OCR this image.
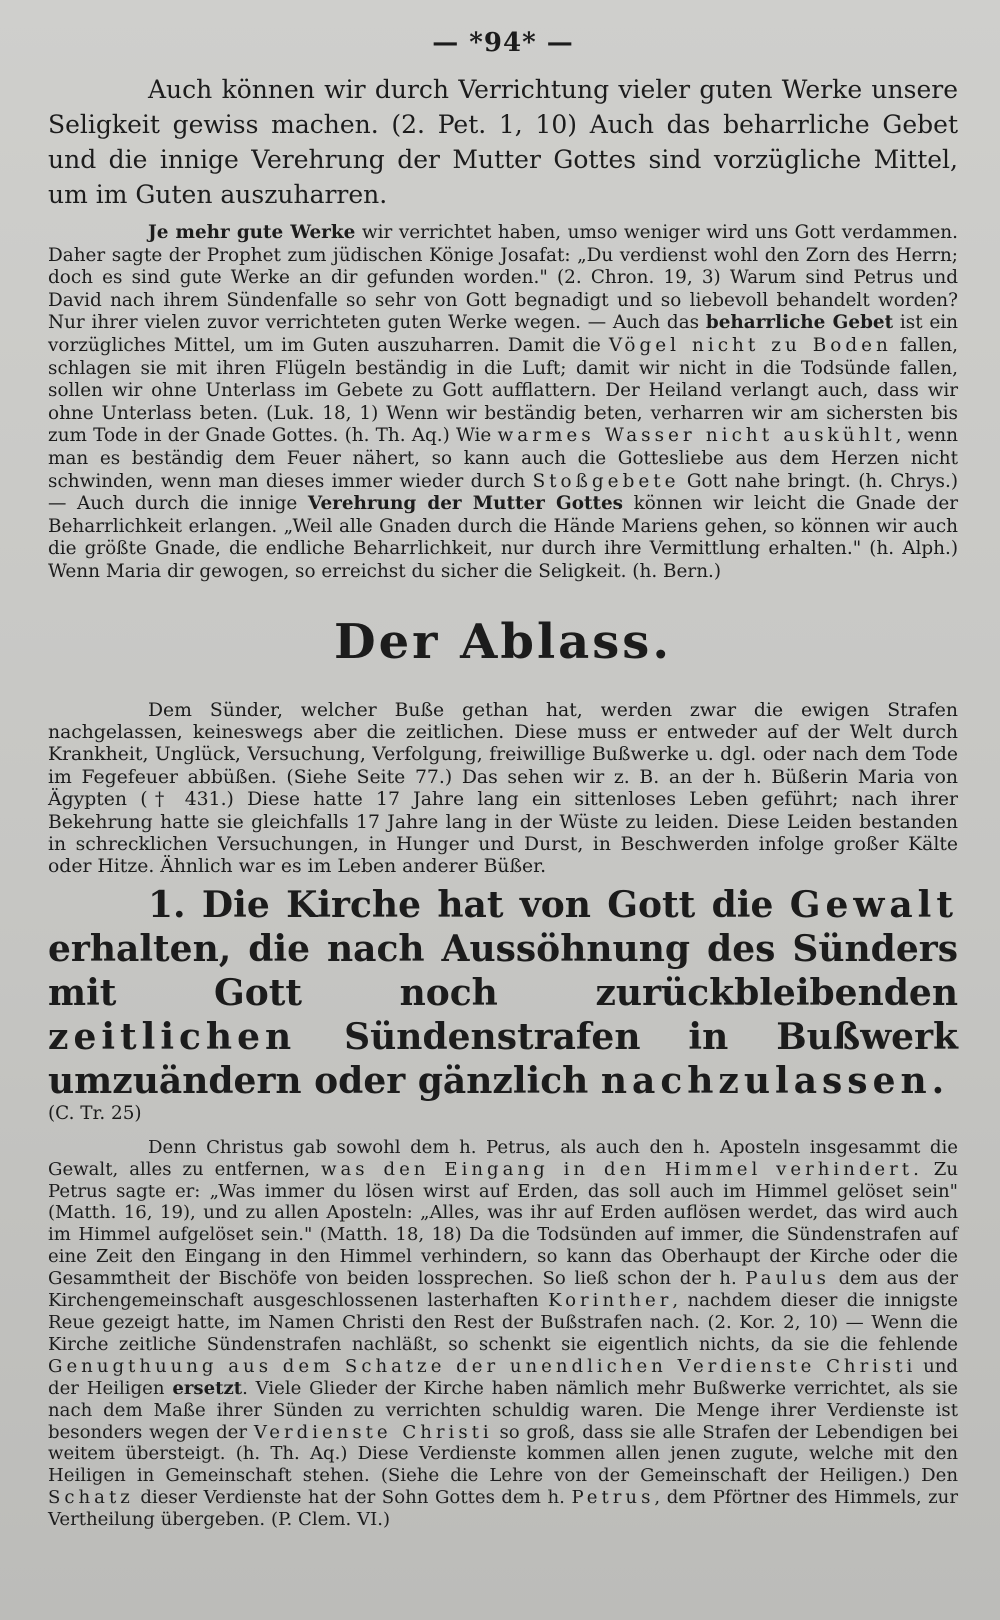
— *94* —

Auch können wir durch Verrichtung vieler guten Werke unsere Seligkeit gewiss machen. (2. Pet. 1, 10) Auch das beharrliche Gebet und die innige Verehrung der Mutter Gottes sind vorzügliche Mittel, um im Guten auszuharren.

Je mehr gute Werke wir verrichtet haben, umso weniger wird uns Gott verdammen. Daher sagte der Prophet zum jüdischen Könige Josafat: „Du verdienst wohl den Zorn des Herrn; doch es sind gute Werke an dir gefunden worden." (2. Chron. 19, 3) Warum sind Petrus und David nach ihrem Sündenfalle so sehr von Gott begnadigt und so liebevoll behandelt worden? Nur ihrer vielen zuvor verrichteten guten Werke wegen. — Auch das beharrliche Gebet ist ein vorzügliches Mittel, um im Guten auszuharren. Damit die Vögel nicht zu Boden fallen, schlagen sie mit ihren Flügeln beständig in die Luft; damit wir nicht in die Todsünde fallen, sollen wir ohne Unterlass im Gebete zu Gott aufflattern. Der Heiland verlangt auch, dass wir ohne Unterlass beten. (Luk. 18, 1) Wenn wir beständig beten, verharren wir am sichersten bis zum Tode in der Gnade Gottes. (h. Th. Aq.) Wie warmes Wasser nicht auskühlt, wenn man es beständig dem Feuer nähert, so kann auch die Gottesliebe aus dem Herzen nicht schwinden, wenn man dieses immer wieder durch Stoßgebete Gott nahe bringt. (h. Chrys.) — Auch durch die innige Verehrung der Mutter Gottes können wir leicht die Gnade der Beharrlichkeit erlangen. „Weil alle Gnaden durch die Hände Mariens gehen, so können wir auch die größte Gnade, die endliche Beharrlichkeit, nur durch ihre Vermittlung erhalten." (h. Alph.) Wenn Maria dir gewogen, so erreichst du sicher die Seligkeit. (h. Bern.)

Der Ablass.

Dem Sünder, welcher Buße gethan hat, werden zwar die ewigen Strafen nachgelassen, keineswegs aber die zeitlichen. Diese muss er entweder auf der Welt durch Krankheit, Unglück, Versuchung, Verfolgung, freiwillige Bußwerke u. dgl. oder nach dem Tode im Fegefeuer abbüßen. (Siehe Seite 77.) Das sehen wir z. B. an der h. Büßerin Maria von Ägypten († 431.) Diese hatte 17 Jahre lang ein sittenloses Leben geführt; nach ihrer Bekehrung hatte sie gleichfalls 17 Jahre lang in der Wüste zu leiden. Diese Leiden bestanden in schrecklichen Versuchungen, in Hunger und Durst, in Beschwerden infolge großer Kälte oder Hitze. Ähnlich war es im Leben anderer Büßer.

1. Die Kirche hat von Gott die Gewalt erhalten, die nach Aussöhnung des Sünders mit Gott noch zurückbleibenden zeitlichen Sündenstrafen in Bußwerk umzuändern oder gänzlich nachzulassen.

(C. Tr. 25)

Denn Christus gab sowohl dem h. Petrus, als auch den h. Aposteln insgesammt die Gewalt, alles zu entfernen, was den Eingang in den Himmel verhindert. Zu Petrus sagte er: „Was immer du lösen wirst auf Erden, das soll auch im Himmel gelöset sein" (Matth. 16, 19), und zu allen Aposteln: „Alles, was ihr auf Erden auflösen werdet, das wird auch im Himmel aufgelöset sein." (Matth. 18, 18) Da die Todsünden auf immer, die Sündenstrafen auf eine Zeit den Eingang in den Himmel verhindern, so kann das Oberhaupt der Kirche oder die Gesammtheit der Bischöfe von beiden lossprechen. So ließ schon der h. Paulus dem aus der Kirchengemeinschaft ausgeschlossenen lasterhaften Korinther, nachdem dieser die innigste Reue gezeigt hatte, im Namen Christi den Rest der Bußstrafen nach. (2. Kor. 2, 10) — Wenn die Kirche zeitliche Sündenstrafen nachläßt, so schenkt sie eigentlich nichts, da sie die fehlende Genugthuung aus dem Schatze der unendlichen Verdienste Christi und der Heiligen ersetzt. Viele Glieder der Kirche haben nämlich mehr Bußwerke verrichtet, als sie nach dem Maße ihrer Sünden zu verrichten schuldig waren. Die Menge ihrer Verdienste ist besonders wegen der Verdienste Christi so groß, dass sie alle Strafen der Lebendigen bei weitem übersteigt. (h. Th. Aq.) Diese Verdienste kommen allen jenen zugute, welche mit den Heiligen in Gemeinschaft stehen. (Siehe die Lehre von der Gemeinschaft der Heiligen.) Den Schatz dieser Verdienste hat der Sohn Gottes dem h. Petrus, dem Pförtner des Himmels, zur Vertheilung übergeben. (P. Clem. VI.)
